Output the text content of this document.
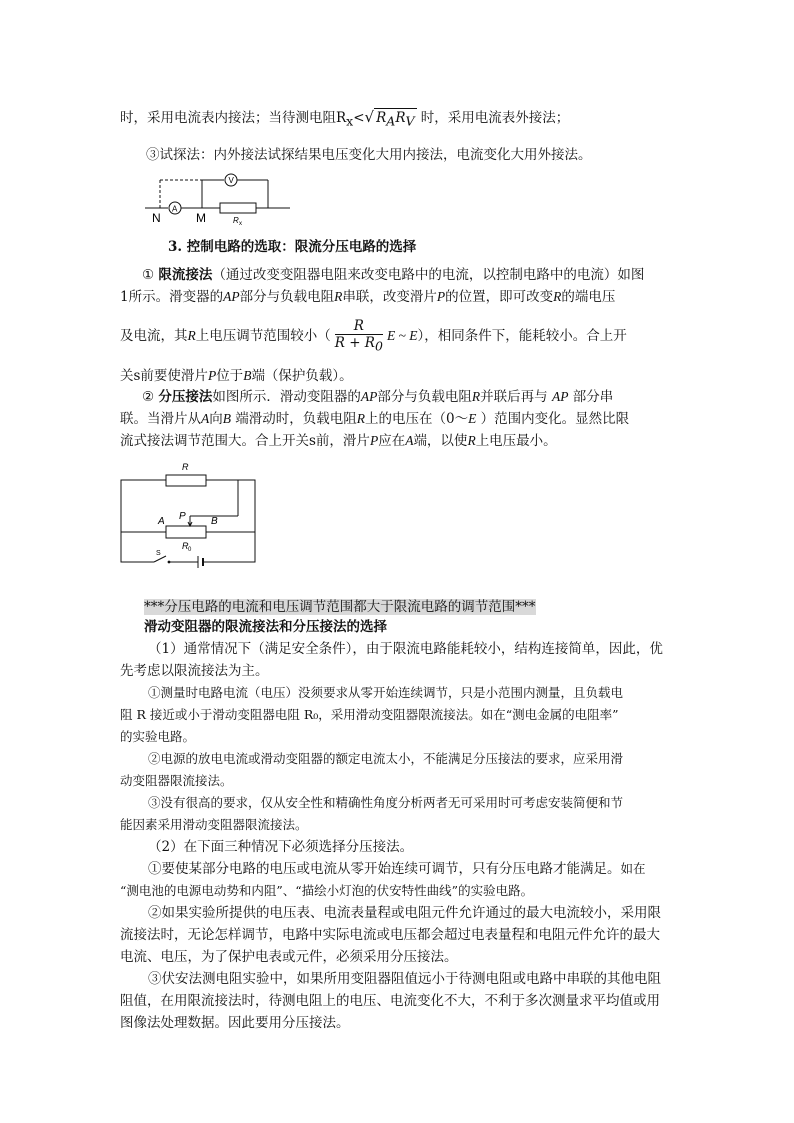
时，采用电流表内接法；当待测电阻$R_x<√$ $R_AR_V$ 时，采用电流表外接法；
③试探法：内外接法试探结果电压变化大用内接法，电流变化大用外接法。
A
V
N	M	R x
3. 控制电路的选取：限流分压电路的选择
① 限流接法（通过改变变阻器电阻来改变电路中的电流，以控制电路中的电流）如图
1所示。滑变器的AP部分与负载电阻R串联，改变滑片P的位置，即可改变R的端电压
及电流，其R上电压调节范围较小（ $\frac{R}{R + R_0}$ E ~ E），相同条件下，能耗较小。合上开
关s前要使滑片P位于B端（保护负载）。
② 分压接法如图所示．滑动变阻器的AP部分与负载电阻R并联后再与 AP 部分串
联。当滑片从A向B 端滑动时，负载电阻R上的电压在（0～E ）范围内变化。显然比限
流式接法调节范围大。合上开关s前，滑片P应在A端，以使R上电压最小。
R
A P	B
R 0
S
***分压电路的电流和电压调节范围都大于限流电路的调节范围***
滑动变阻器的限流接法和分压接法的选择
（1）通常情况下（满足安全条件），由于限流电路能耗较小，结构连接简单，因此，优
先考虑以限流接法为主。
①测量时电路电流（电压）没须要求从零开始连续调节，只是小范围内测量，且负载电
阻 R 接近或小于滑动变阻器电阻 R₀，采用滑动变阻器限流接法。如在“测电金属的电阻率”
的实验电路。
②电源的放电电流或滑动变阻器的额定电流太小，不能满足分压接法的要求，应采用滑
动变阻器限流接法。
③没有很高的要求，仅从安全性和精确性角度分析两者无可采用时可考虑安装简便和节
能因素采用滑动变阻器限流接法。
（2）在下面三种情况下必须选择分压接法。
①要使某部分电路的电压或电流从零开始连续可调节，只有分压电路才能满足。如在
“测电池的电源电动势和内阻”、“描绘小灯泡的伏安特性曲线”的实验电路。
②如果实验所提供的电压表、电流表量程或电阻元件允许通过的最大电流较小，采用限
流接法时，无论怎样调节，电路中实际电流或电压都会超过电表量程和电阻元件允许的最大
电流、电压，为了保护电表或元件，必须采用分压接法。
③伏安法测电阻实验中，如果所用变阻器阻值远小于待测电阻或电路中串联的其他电阻
阻值，在用限流接法时，待测电阻上的电压、电流变化不大，不利于多次测量求平均值或用
图像法处理数据。因此要用分压接法。
